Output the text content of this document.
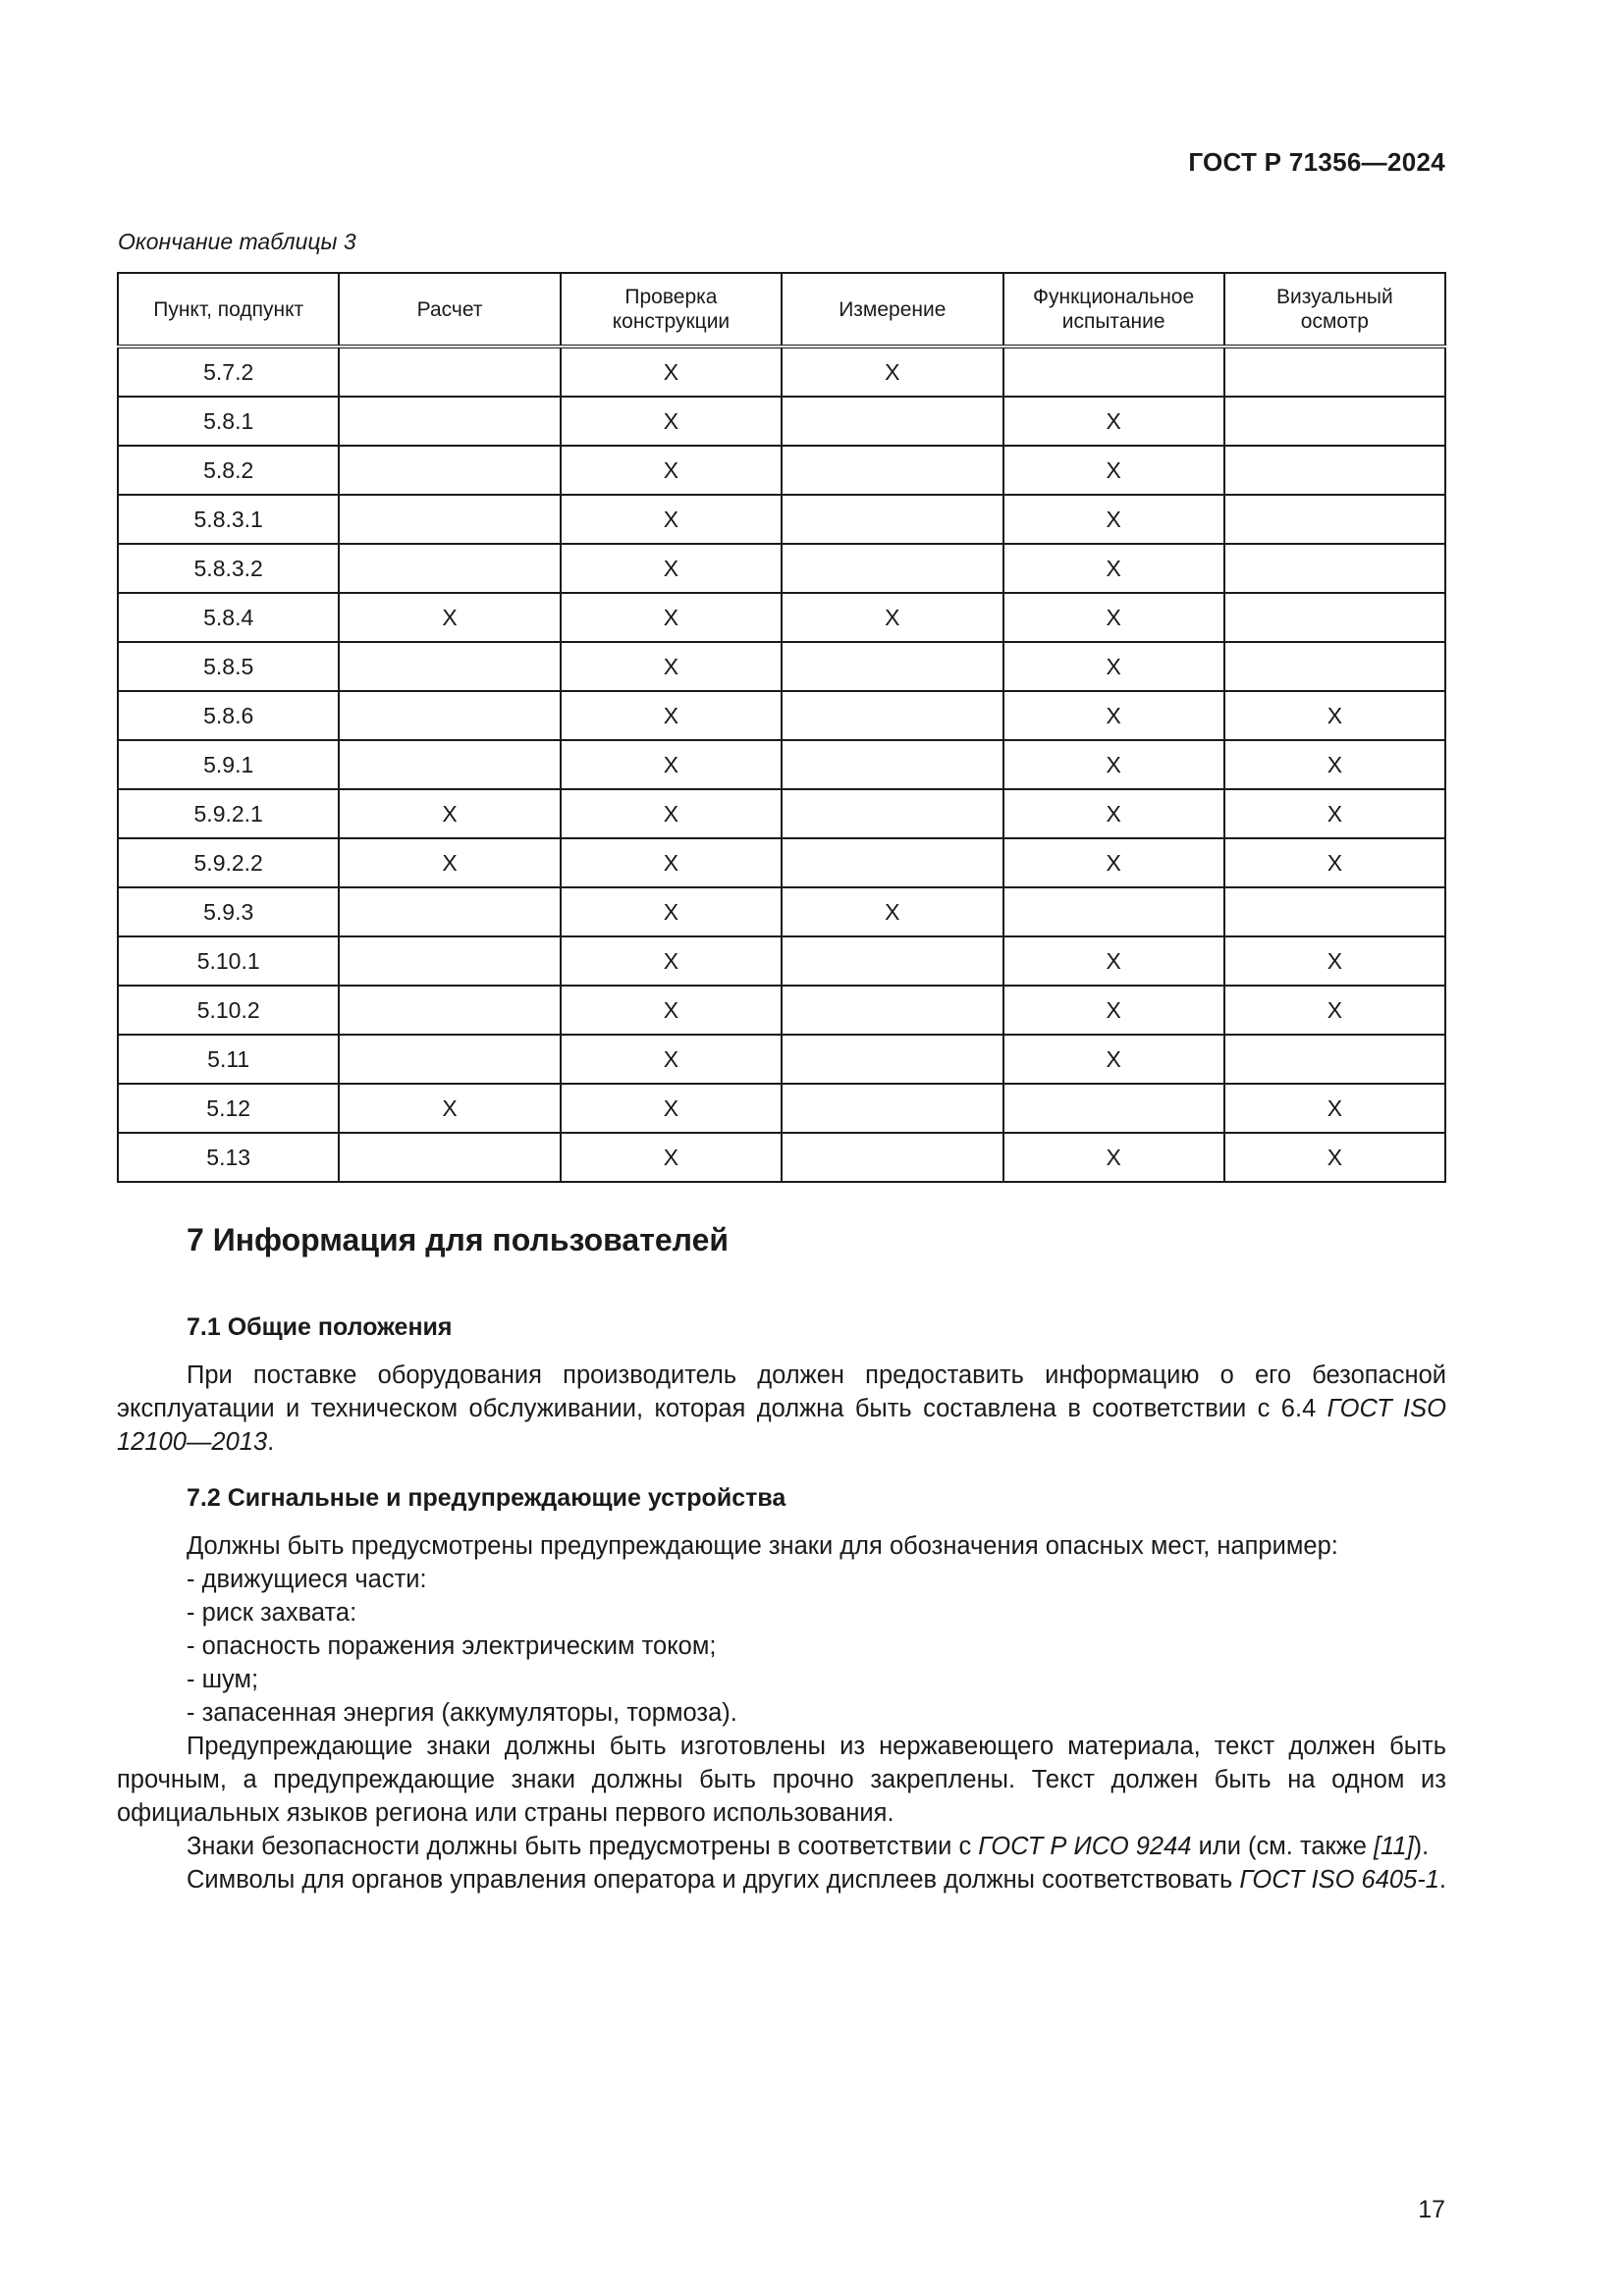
ГОСТ Р 71356—2024
Окончание таблицы 3
Пункт, подпункт	Расчет	Проверка конструкции	Измерение	Функциональное испытание	Визуальный осмотр
5.7.2		X	X		
5.8.1		X		X	
5.8.2		X		X	
5.8.3.1		X		X	
5.8.3.2		X		X	
5.8.4	X	X	X	X	
5.8.5		X		X	
5.8.6		X		X	X
5.9.1		X		X	X
5.9.2.1	X	X		X	X
5.9.2.2	X	X		X	X
5.9.3		X	X		
5.10.1		X		X	X
5.10.2		X		X	X
5.11		X		X	
5.12	X	X			X
5.13		X		X	X
7 Информация для пользователей
7.1 Общие положения

При поставке оборудования производитель должен предоставить информацию о его безопасной эксплуатации и техническом обслуживании, которая должна быть составлена в соответствии с 6.4 ГОСТ ISO 12100—2013.

7.2 Сигнальные и предупреждающие устройства

Должны быть предусмотрены предупреждающие знаки для обозначения опасных мест, например:

- движущиеся части:
- риск захвата:
- опасность поражения электрическим током;
- шум;
- запасенная энергия (аккумуляторы, тормоза).

Предупреждающие знаки должны быть изготовлены из нержавеющего материала, текст должен быть прочным, а предупреждающие знаки должны быть прочно закреплены. Текст должен быть на одном из официальных языков региона или страны первого использования.

Знаки безопасности должны быть предусмотрены в соответствии с ГОСТ Р ИСО 9244 или (см. также [11]).

Символы для органов управления оператора и других дисплеев должны соответствовать ГОСТ ISO 6405-1.

17
